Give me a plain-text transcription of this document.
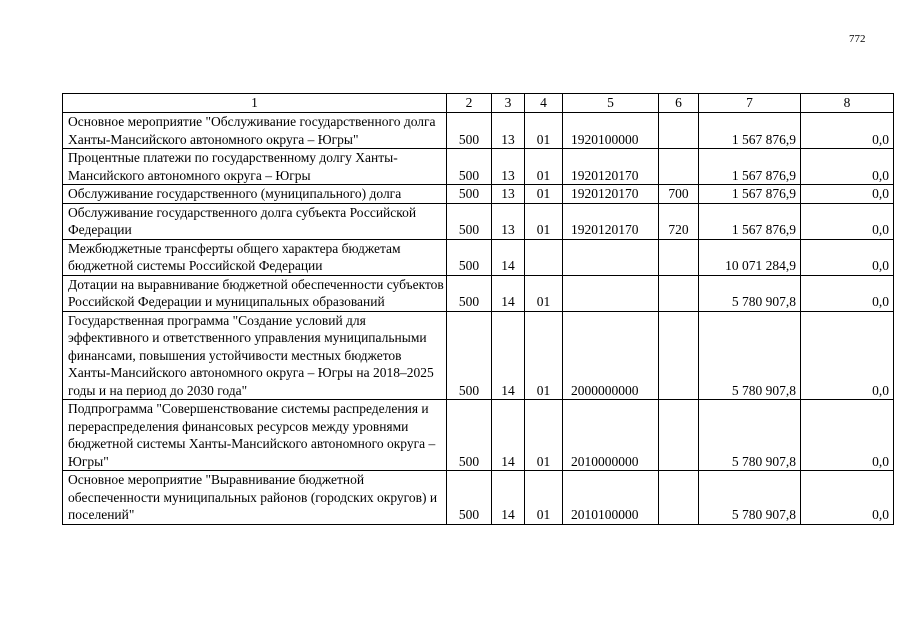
772
1	2	3	4	5	6	7	8
Основное мероприятие "Обслуживание государственного долга Ханты-Мансийского автономного округа – Югры"	500	13	01	1920100000		1 567 876,9	0,0
Процентные платежи по государственному долгу Ханты-Мансийского автономного округа – Югры	500	13	01	1920120170		1 567 876,9	0,0
Обслуживание государственного (муниципального) долга	500	13	01	1920120170	700	1 567 876,9	0,0
Обслуживание государственного долга субъекта Российской Федерации	500	13	01	1920120170	720	1 567 876,9	0,0
Межбюджетные трансферты общего характера бюджетам бюджетной системы Российской Федерации	500	14				10 071 284,9	0,0
Дотации на выравнивание бюджетной обеспеченности субъектов Российской Федерации и муниципальных образований	500	14	01			5 780 907,8	0,0
Государственная программа "Создание условий для эффективного и ответственного управления муниципальными финансами, повышения устойчивости местных бюджетов Ханты-Мансийского автономного округа – Югры на 2018–2025 годы и на период до 2030 года"	500	14	01	2000000000		5 780 907,8	0,0
Подпрограмма "Совершенствование системы распределения и перераспределения финансовых ресурсов между уровнями бюджетной системы Ханты-Мансийского автономного округа – Югры"	500	14	01	2010000000		5 780 907,8	0,0
Основное мероприятие "Выравнивание бюджетной обеспеченности муниципальных районов (городских округов) и поселений"	500	14	01	2010100000		5 780 907,8	0,0
